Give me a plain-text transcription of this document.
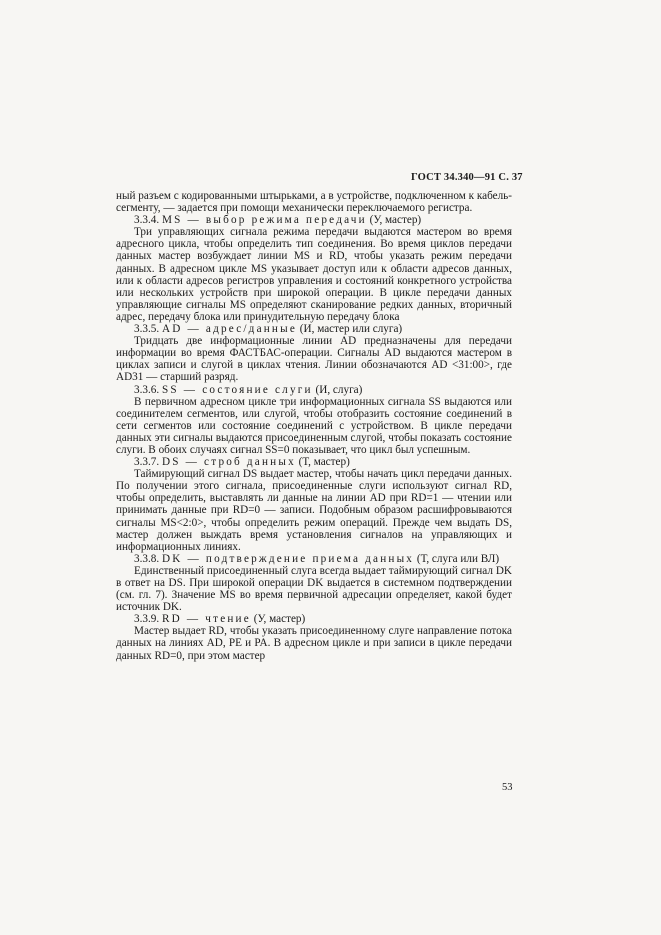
ГОСТ 34.340—91 С. 37

ный разъем с кодированными штырьками, а в устройстве, подключенном к кабель-сегменту, — задается при помощи механически переключаемого регистра.

3.3.4. MS — выбор режима передачи (У, мастер)

Три управляющих сигнала режима передачи выдаются мастером во время адресного цикла, чтобы определить тип соединения. Во время циклов передачи данных мастер возбуждает линии MS и RD, чтобы указать режим передачи данных. В адресном цикле MS указывает доступ или к области адресов данных, или к области адресов регистров управления и состояний конкретного устройства или нескольких устройств при широкой операции. В цикле передачи данных управляющие сигналы MS определяют сканирование редких данных, вторичный адрес, передачу блока или принудительную передачу блока

3.3.5. AD — адрес/данные (И, мастер или слуга)

Тридцать две информационные линии AD предназначены для передачи информации во время ФАСТБАС-операции. Сигналы AD выдаются мастером в циклах записи и слугой в циклах чтения. Линии обозначаются AD <31:00>, где AD31 — старший разряд.

3.3.6. SS — состояние слуги (И, слуга)

В первичном адресном цикле три информационных сигнала SS выдаются или соединителем сегментов, или слугой, чтобы отобразить состояние соединений в сети сегментов или состояние соединений с устройством. В цикле передачи данных эти сигналы выдаются присоединенным слугой, чтобы показать состояние слуги. В обоих случаях сигнал SS=0 показывает, что цикл был успешным.

3.3.7. DS — строб данных (Т, мастер)

Таймирующий сигнал DS выдает мастер, чтобы начать цикл передачи данных. По получении этого сигнала, присоединенные слуги используют сигнал RD, чтобы определить, выставлять ли данные на линии AD при RD=1 — чтении или принимать данные при RD=0 — записи. Подобным образом расшифровываются сигналы MS<2:0>, чтобы определить режим операций. Прежде чем выдать DS, мастер должен выждать время установления сигналов на управляющих и информационных линиях.

3.3.8. DK — подтверждение приема данных (Т, слуга или ВЛ)

Единственный присоединенный слуга всегда выдает таймирующий сигнал DK в ответ на DS. При широкой операции DK выдается в системном подтверждении (см. гл. 7). Значение MS во время первичной адресации определяет, какой будет источник DK.

3.3.9. RD — чтение (У, мастер)

Мастер выдает RD, чтобы указать присоединенному слуге направление потока данных на линиях AD, PE и PA. В адресном цикле и при записи в цикле передачи данных RD=0, при этом мастер

53
